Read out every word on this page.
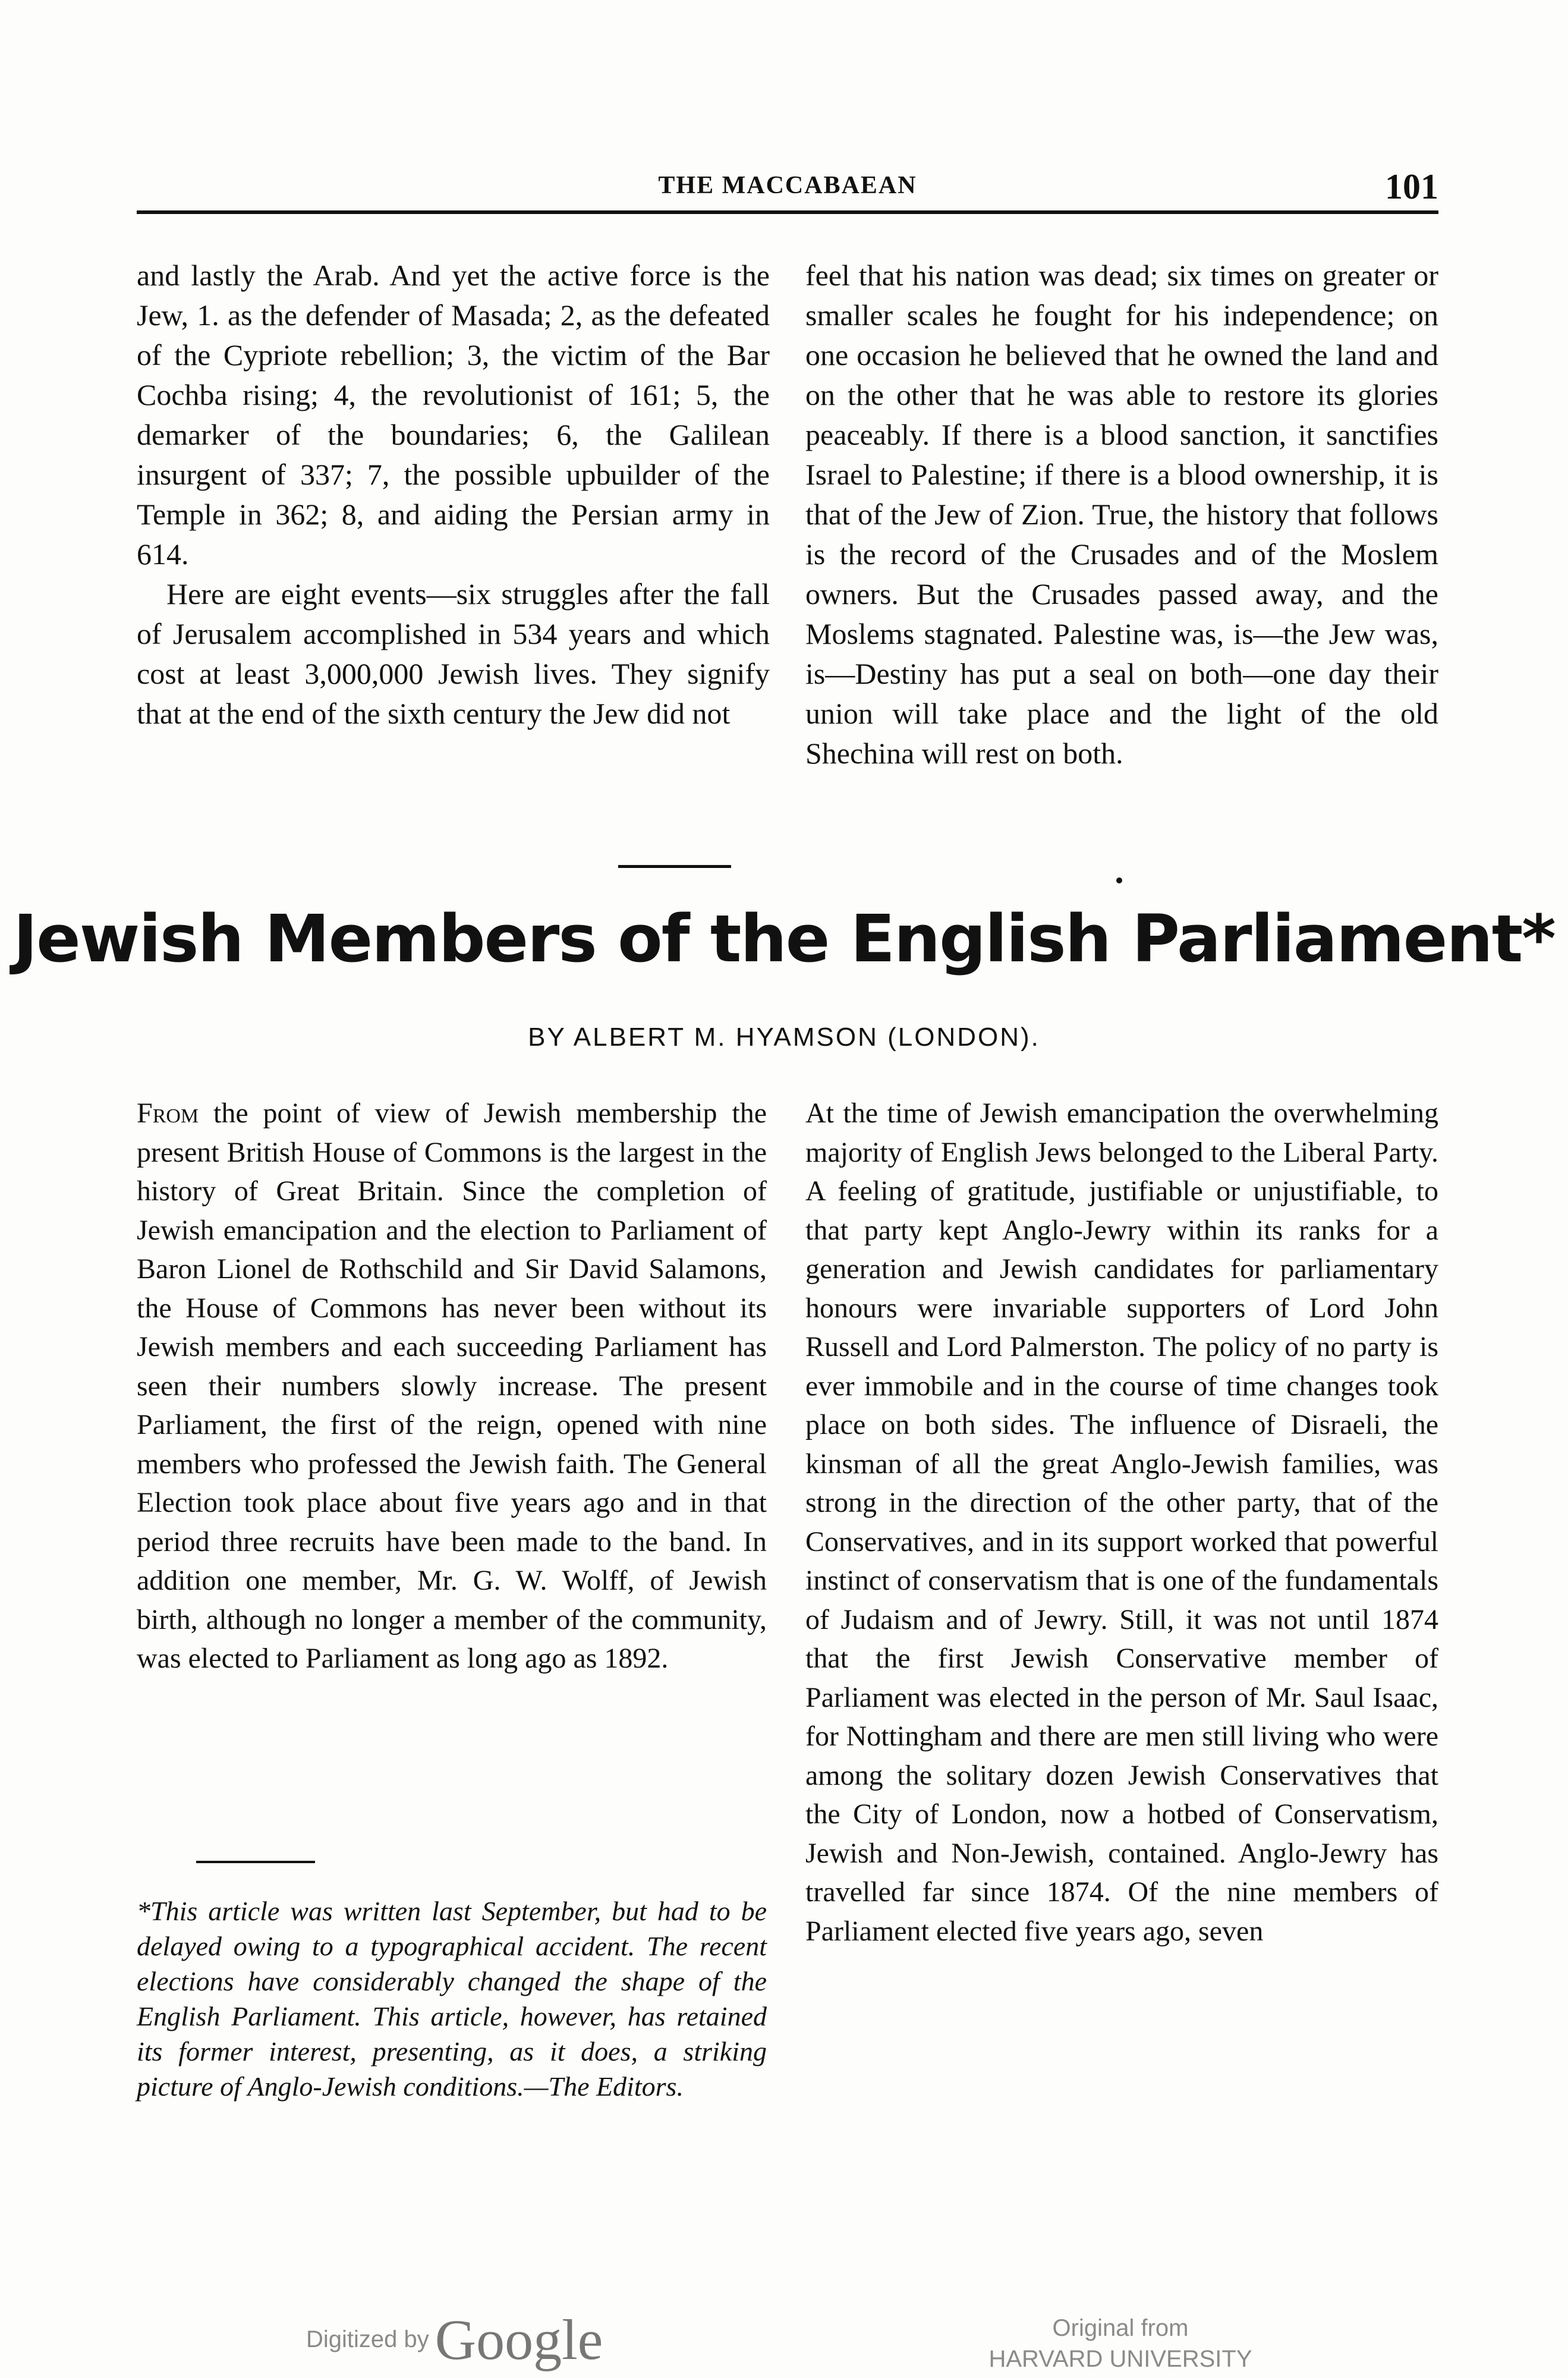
THE MACCABAEAN	101

and lastly the Arab. And yet the active force is the Jew, 1. as the defender of Masada; 2, as the defeated of the Cypriote rebellion; 3, the victim of the Bar Cochba rising; 4, the revolutionist of 161; 5, the demarker of the boundaries; 6, the Galilean insurgent of 337; 7, the possible upbuilder of the Temple in 362; 8, and aiding the Persian army in 614.

Here are eight events—six struggles after the fall of Jerusalem accomplished in 534 years and which cost at least 3,000,000 Jewish lives. They signify that at the end of the sixth century the Jew did not

feel that his nation was dead; six times on greater or smaller scales he fought for his independence; on one occasion he believed that he owned the land and on the other that he was able to restore its glories peaceably. If there is a blood sanction, it sanctifies Israel to Palestine; if there is a blood ownership, it is that of the Jew of Zion. True, the history that follows is the record of the Crusades and of the Moslem owners. But the Crusades passed away, and the Moslems stagnated. Palestine was, is—the Jew was, is—Destiny has put a seal on both—one day their union will take place and the light of the old Shechina will rest on both.

Jewish Members of the English Parliament*
BY ALBERT M. HYAMSON (LONDON).

From the point of view of Jewish membership the present British House of Commons is the largest in the history of Great Britain. Since the completion of Jewish emancipation and the election to Parliament of Baron Lionel de Rothschild and Sir David Salamons, the House of Commons has never been without its Jewish members and each succeeding Parliament has seen their numbers slowly increase. The present Parliament, the first of the reign, opened with nine members who professed the Jewish faith. The General Election took place about five years ago and in that period three recruits have been made to the band. In addition one member, Mr. G. W. Wolff, of Jewish birth, although no longer a member of the community, was elected to Parliament as long ago as 1892.

At the time of Jewish emancipation the overwhelming majority of English Jews belonged to the Liberal Party. A feeling of gratitude, justifiable or unjustifiable, to that party kept Anglo-Jewry within its ranks for a generation and Jewish candidates for parliamentary honours were invariable supporters of Lord John Russell and Lord Palmerston. The policy of no party is ever immobile and in the course of time changes took place on both sides. The influence of Disraeli, the kinsman of all the great Anglo-Jewish families, was strong in the direction of the other party, that of the Conservatives, and in its support worked that powerful instinct of conservatism that is one of the fundamentals of Judaism and of Jewry. Still, it was not until 1874 that the first Jewish Conservative member of Parliament was elected in the person of Mr. Saul Isaac, for Nottingham and there are men still living who were among the solitary dozen Jewish Conservatives that the City of London, now a hotbed of Conservatism, Jewish and Non-Jewish, contained. Anglo-Jewry has travelled far since 1874. Of the nine members of Parliament elected five years ago, seven

*This article was written last September, but had to be delayed owing to a typographical accident. The recent elections have considerably changed the shape of the English Parliament. This article, however, has retained its former interest, presenting, as it does, a striking picture of Anglo-Jewish conditions.—The Editors.
Digitized by Google	Original from
HARVARD UNIVERSITY
